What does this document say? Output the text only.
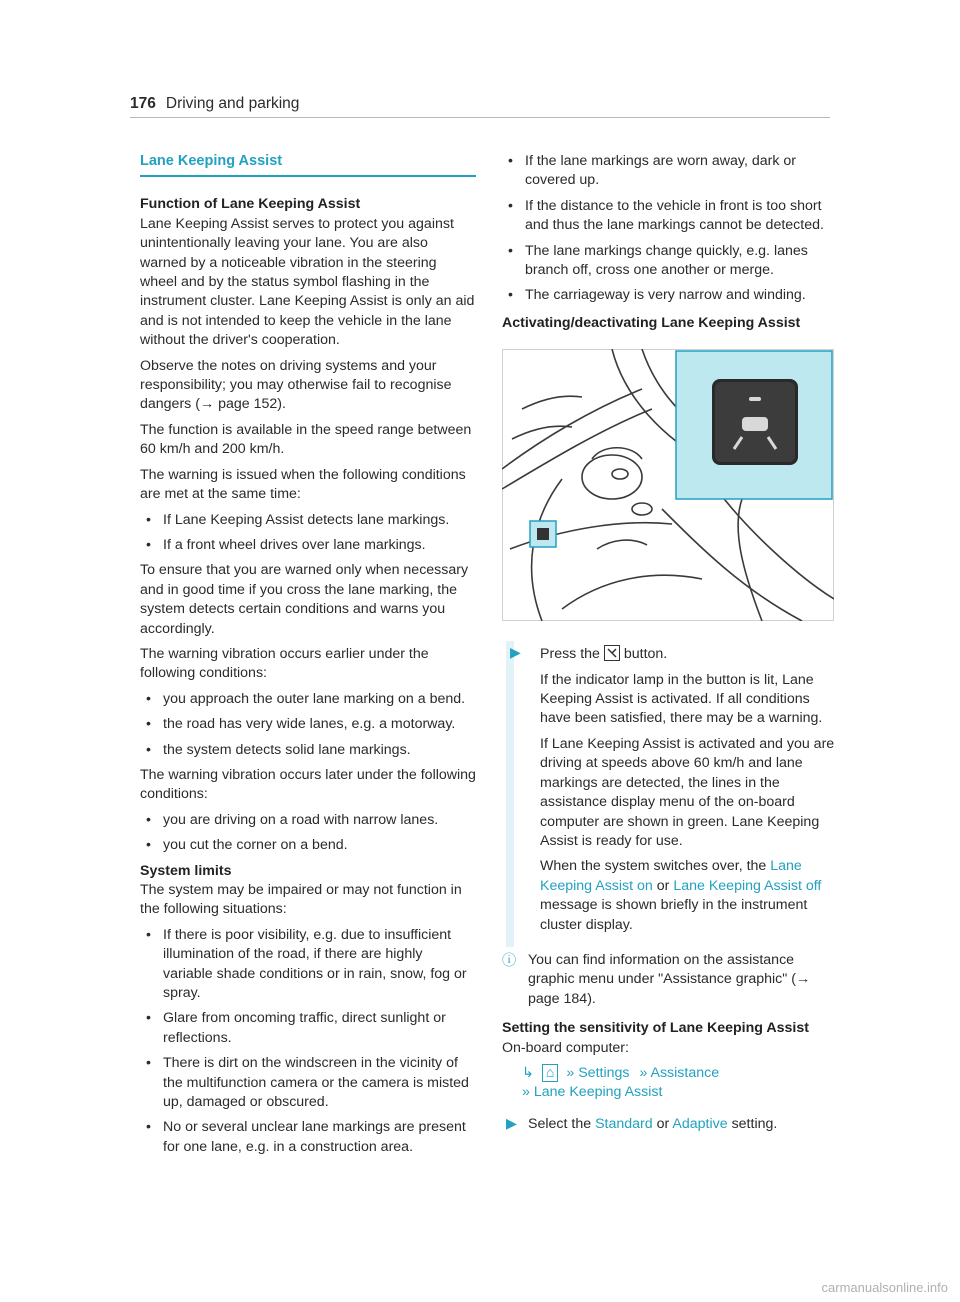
176 Driving and parking
Lane Keeping Assist
Function of Lane Keeping Assist

Lane Keeping Assist serves to protect you against unintentionally leaving your lane. You are also warned by a noticeable vibration in the steering wheel and by the status symbol flashing in the instrument cluster. Lane Keeping Assist is only an aid and is not intended to keep the vehicle in the lane without the driver's cooperation.

Observe the notes on driving systems and your responsibility; you may otherwise fail to recognise dangers (→ page 152).

The function is available in the speed range between 60 km/h and 200 km/h.

The warning is issued when the following conditions are met at the same time:

• If Lane Keeping Assist detects lane markings.
• If a front wheel drives over lane markings.

To ensure that you are warned only when necessary and in good time if you cross the lane marking, the system detects certain conditions and warns you accordingly.

The warning vibration occurs earlier under the following conditions:

• you approach the outer lane marking on a bend.
• the road has very wide lanes, e.g. a motorway.
• the system detects solid lane markings.

The warning vibration occurs later under the following conditions:

• you are driving on a road with narrow lanes.
• you cut the corner on a bend.
System limits

The system may be impaired or may not function in the following situations:

• If there is poor visibility, e.g. due to insufficient illumination of the road, if there are highly variable shade conditions or in rain, snow, fog or spray.
• Glare from oncoming traffic, direct sunlight or reflections.
• There is dirt on the windscreen in the vicinity of the multifunction camera or the camera is misted up, damaged or obscured.
• No or several unclear lane markings are present for one lane, e.g. in a construction area.
• If the lane markings are worn away, dark or covered up.
• If the distance to the vehicle in front is too short and thus the lane markings cannot be detected.
• The lane markings change quickly, e.g. lanes branch off, cross one another or merge.
• The carriageway is very narrow and winding.
Activating/deactivating Lane Keeping Assist
▶ Press the button.

If the indicator lamp in the button is lit, Lane Keeping Assist is activated. If all conditions have been satisfied, there may be a warning.

If Lane Keeping Assist is activated and you are driving at speeds above 60 km/h and lane markings are detected, the lines in the assistance display menu of the on-board computer are shown in green. Lane Keeping Assist is ready for use.

When the system switches over, the Lane Keeping Assist on or Lane Keeping Assist off message is shown briefly in the instrument cluster display.

ⓘ You can find information on the assistance graphic menu under "Assistance graphic" (→ page 184).
Setting the sensitivity of Lane Keeping Assist

On-board computer:

↳ ⌂ » Settings » Assistance
» Lane Keeping Assist
▶ Select the Standard or Adaptive setting.
carmanualsonline.info
